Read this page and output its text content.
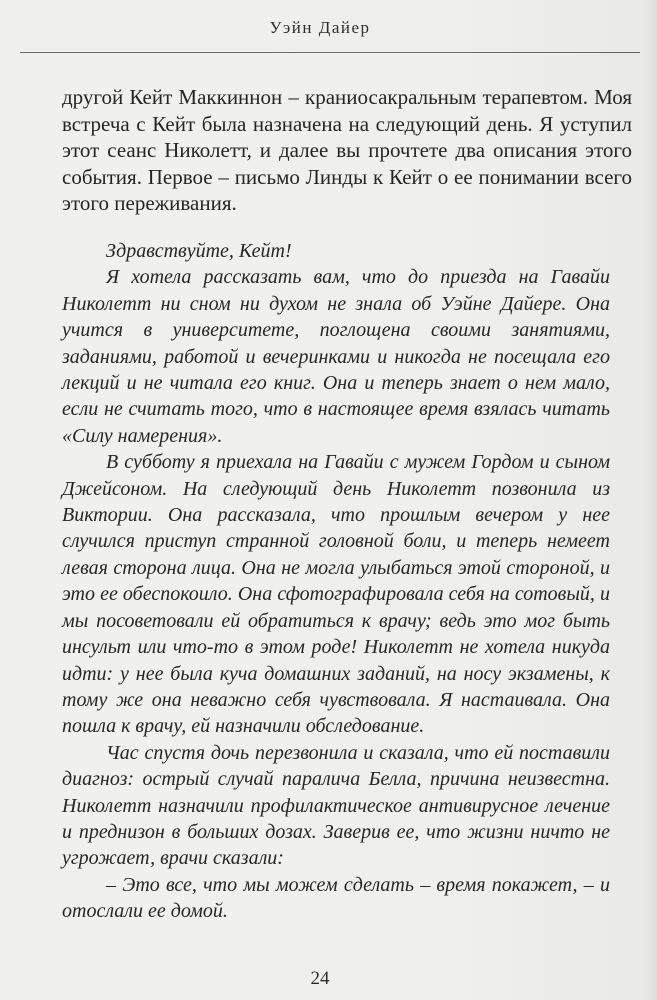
Уэйн Дайер

другой Кейт Маккиннон – краниосакральным терапевтом. Моя встреча с Кейт была назначена на следующий день. Я уступил этот сеанс Николетт, и далее вы прочтете два описания этого события. Первое – письмо Линды к Кейт о ее понимании всего этого переживания.

Здравствуйте, Кейт!

Я хотела рассказать вам, что до приезда на Гавайи Николетт ни сном ни духом не знала об Уэйне Дайере. Она учится в университете, поглощена своими занятиями, заданиями, работой и вечеринками и никогда не посещала его лекций и не читала его книг. Она и теперь знает о нем мало, если не считать того, что в настоящее время взялась читать «Силу намерения».

В субботу я приехала на Гавайи с мужем Гордом и сыном Джейсоном. На следующий день Николетт позвонила из Виктории. Она рассказала, что прошлым вечером у нее случился приступ странной головной боли, и теперь немеет левая сторона лица. Она не могла улыбаться этой стороной, и это ее обеспокоило. Она сфотографировала себя на сотовый, и мы посоветовали ей обратиться к врачу; ведь это мог быть инсульт или что-то в этом роде! Николетт не хотела никуда идти: у нее была куча домашних заданий, на носу экзамены, к тому же она неважно себя чувствовала. Я настаивала. Она пошла к врачу, ей назначили обследование.

Час спустя дочь перезвонила и сказала, что ей поставили диагноз: острый случай паралича Белла, причина неизвестна. Николетт назначили профилактическое антивирусное лечение и преднизон в больших дозах. Заверив ее, что жизни ничто не угрожает, врачи сказали:

– Это все, что мы можем сделать – время покажет, – и отослали ее домой.

24
